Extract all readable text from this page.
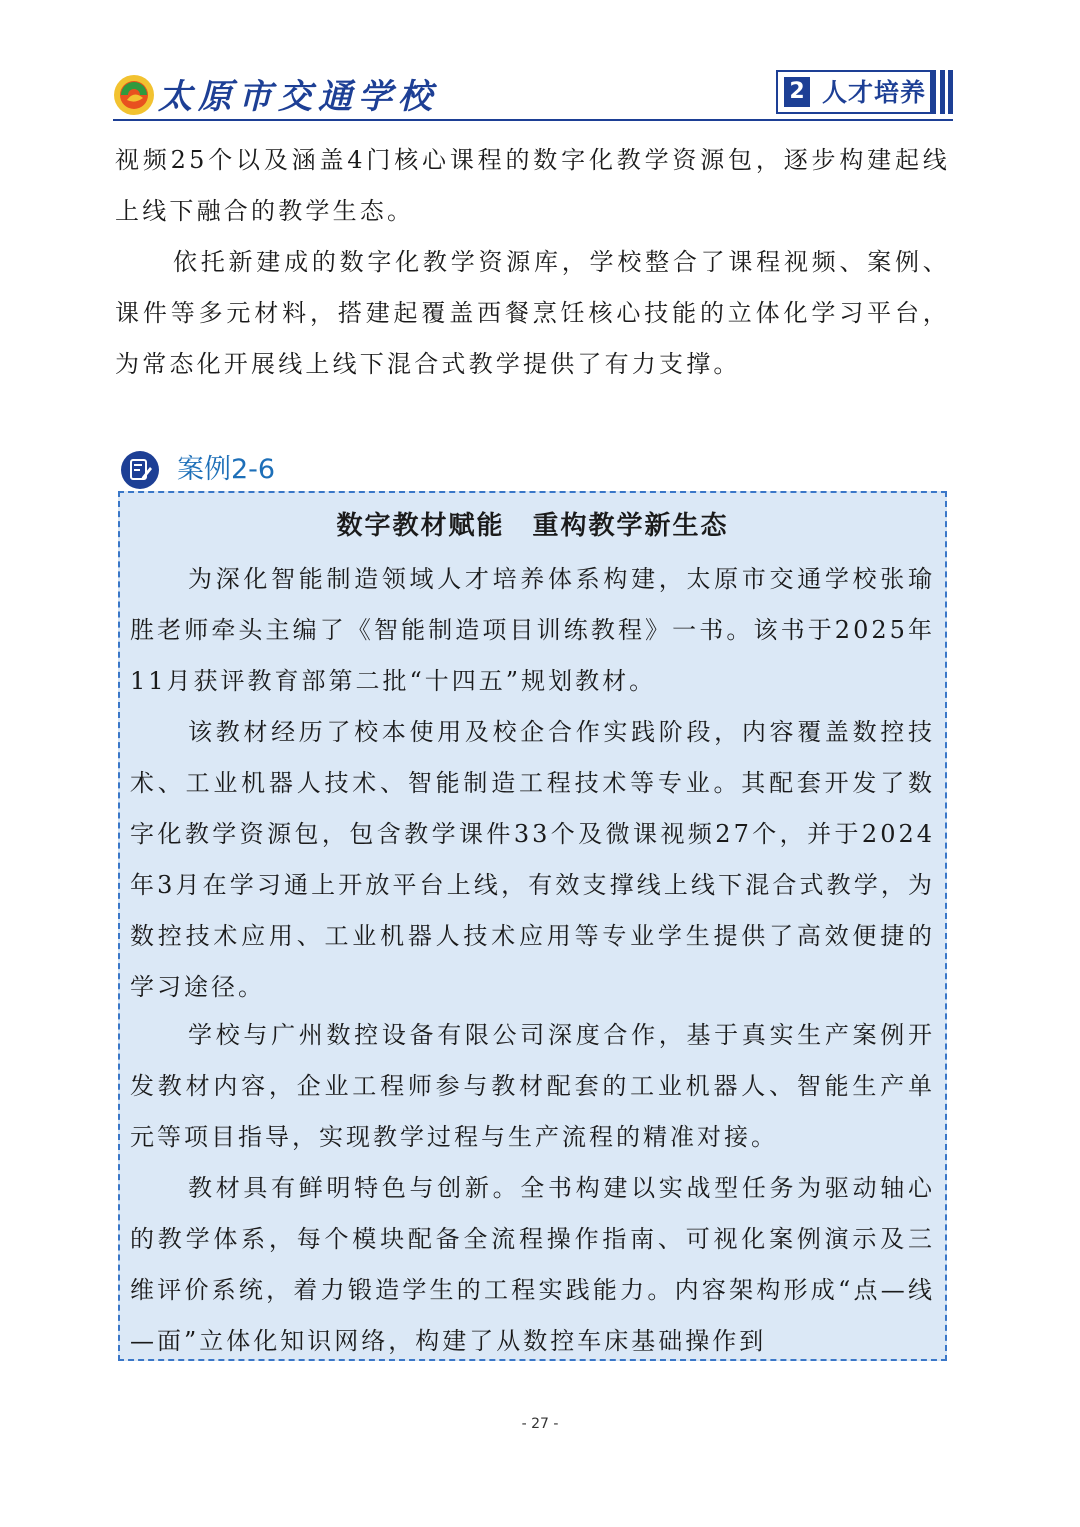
太原市交通学校	2 人才培养

视频25个以及涵盖4门核心课程的数字化教学资源包，逐步构建起线上线下融合的教学生态。

依托新建成的数字化教学资源库，学校整合了课程视频、案例、课件等多元材料，搭建起覆盖西餐烹饪核心技能的立体化学习平台，为常态化开展线上线下混合式教学提供了有力支撑。

案例2-6
数字教材赋能　重构教学新生态

为深化智能制造领域人才培养体系构建，太原市交通学校张瑜胜老师牵头主编了《智能制造项目训练教程》一书。该书于2025年11月获评教育部第二批“十四五”规划教材。

该教材经历了校本使用及校企合作实践阶段，内容覆盖数控技术、工业机器人技术、智能制造工程技术等专业。其配套开发了数字化教学资源包，包含教学课件33个及微课视频27个，并于2024年3月在学习通上开放平台上线，有效支撑线上线下混合式教学，为数控技术应用、工业机器人技术应用等专业学生提供了高效便捷的学习途径。

学校与广州数控设备有限公司深度合作，基于真实生产案例开发教材内容，企业工程师参与教材配套的工业机器人、智能生产单元等项目指导，实现教学过程与生产流程的精准对接。

教材具有鲜明特色与创新。全书构建以实战型任务为驱动轴心的教学体系，每个模块配备全流程操作指南、可视化案例演示及三维评价系统，着力锻造学生的工程实践能力。内容架构形成“点—线—面”立体化知识网络，构建了从数控车床基础操作到

- 27 -
